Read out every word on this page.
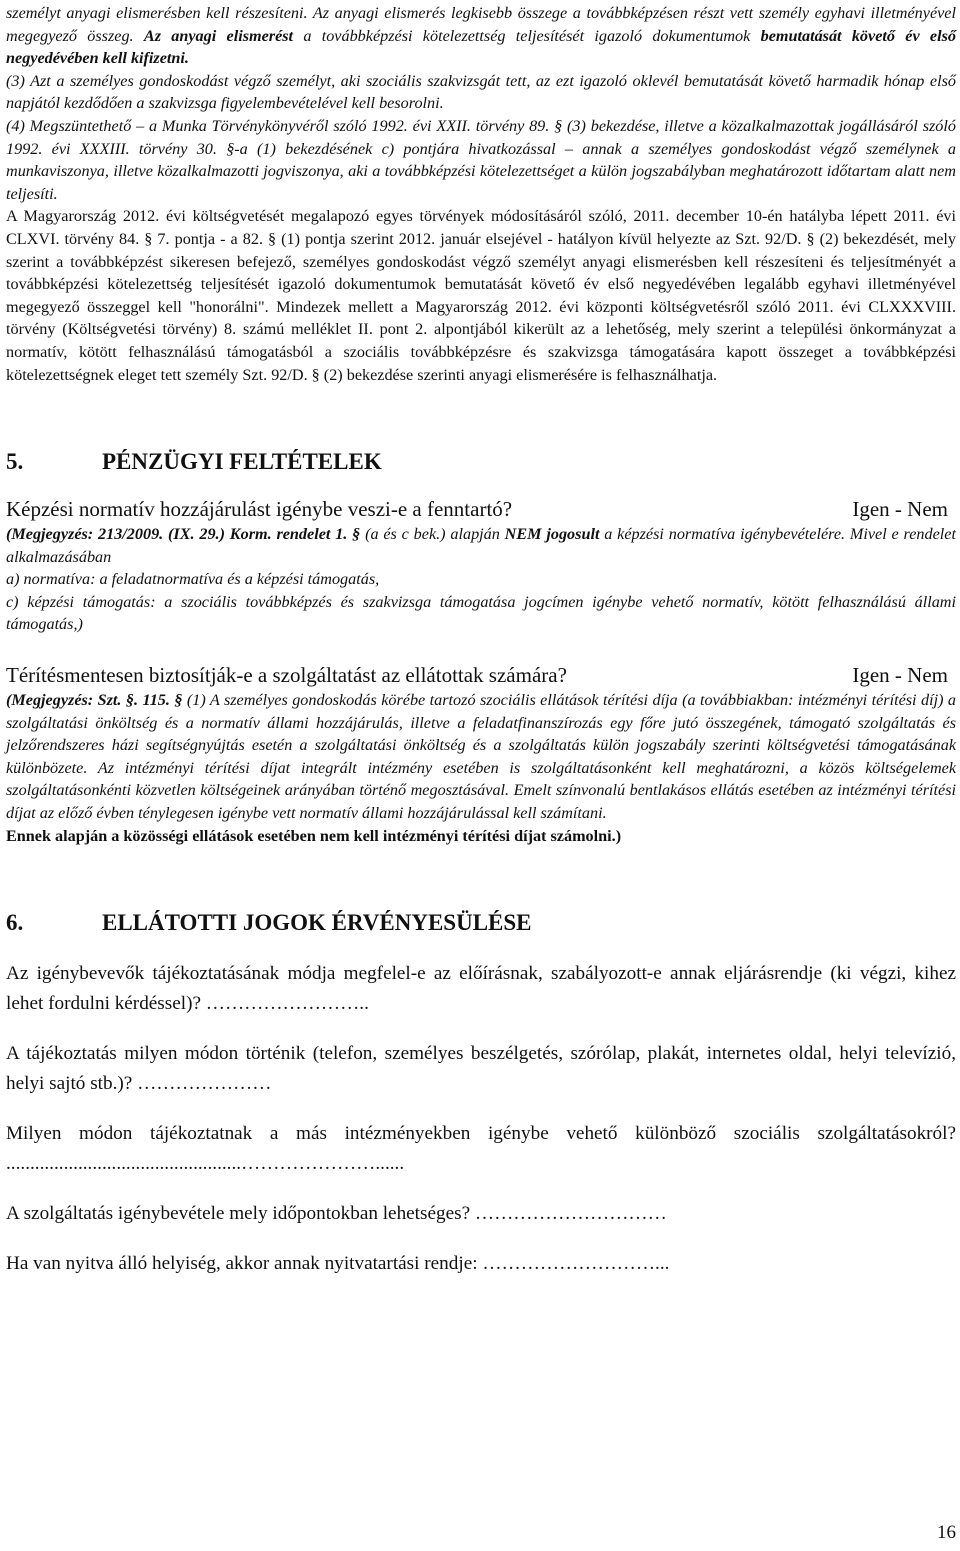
személyt anyagi elismerésben kell részesíteni. Az anyagi elismerés legkisebb összege a továbbképzésen részt vett személy egyhavi illetményével megegyező összeg. Az anyagi elismerést a továbbképzési kötelezettség teljesítését igazoló dokumentumok bemutatását követő év első negyedévében kell kifizetni.

(3) Azt a személyes gondoskodást végző személyt, aki szociális szakvizsgát tett, az ezt igazoló oklevél bemutatását követő harmadik hónap első napjától kezdődően a szakvizsga figyelembevételével kell besorolni.

(4) Megszüntethető – a Munka Törvénykönyvéről szóló 1992. évi XXII. törvény 89. § (3) bekezdése, illetve a közalkalmazottak jogállásáról szóló 1992. évi XXXIII. törvény 30. §-a (1) bekezdésének c) pontjára hivatkozással – annak a személyes gondoskodást végző személynek a munkaviszonya, illetve közalkalmazotti jogviszonya, aki a továbbképzési kötelezettséget a külön jogszabályban meghatározott időtartam alatt nem teljesíti.

A Magyarország 2012. évi költségvetését megalapozó egyes törvények módosításáról szóló, 2011. december 10-én hatályba lépett 2011. évi CLXVI. törvény 84. § 7. pontja - a 82. § (1) pontja szerint 2012. január elsejével - hatályon kívül helyezte az Szt. 92/D. § (2) bekezdését, mely szerint a továbbképzést sikeresen befejező, személyes gondoskodást végző személyt anyagi elismerésben kell részesíteni és teljesítményét a továbbképzési kötelezettség teljesítését igazoló dokumentumok bemutatását követő év első negyedévében legalább egyhavi illetményével megegyező összeggel kell "honorálni". Mindezek mellett a Magyarország 2012. évi központi költségvetésről szóló 2011. évi CLXXXVIII. törvény (Költségvetési törvény) 8. számú melléklet II. pont 2. alpontjából kikerült az a lehetőség, mely szerint a települési önkormányzat a normatív, kötött felhasználású támogatásból a szociális továbbképzésre és szakvizsga támogatására kapott összeget a továbbképzési kötelezettségnek eleget tett személy Szt. 92/D. § (2) bekezdése szerinti anyagi elismerésére is felhasználhatja.

5.	PÉNZÜGYI FELTÉTELEK

Képzési normatív hozzájárulást igénybe veszi-e a fenntartó?	Igen - Nem

(Megjegyzés: 213/2009. (IX. 29.) Korm. rendelet 1. § (a és c bek.) alapján NEM jogosult a képzési normatíva igénybevételére. Mivel e rendelet alkalmazásában

a) normatíva: a feladatnormatíva és a képzési támogatás,

c) képzési támogatás: a szociális továbbképzés és szakvizsga támogatása jogcímen igénybe vehető normatív, kötött felhasználású állami támogatás,)

Térítésmentesen biztosítják-e a szolgáltatást az ellátottak számára?	Igen - Nem

(Megjegyzés: Szt. §. 115. § (1) A személyes gondoskodás körébe tartozó szociális ellátások térítési díja (a továbbiakban: intézményi térítési díj) a szolgáltatási önköltség és a normatív állami hozzájárulás, illetve a feladatfinanszírozás egy főre jutó összegének, támogató szolgáltatás és jelzőrendszeres házi segítségnyújtás esetén a szolgáltatási önköltség és a szolgáltatás külön jogszabály szerinti költségvetési támogatásának különbözete. Az intézményi térítési díjat integrált intézmény esetében is szolgáltatásonként kell meghatározni, a közös költségelemek szolgáltatásonkénti közvetlen költségeinek arányában történő megosztásával. Emelt színvonalú bentlakásos ellátás esetében az intézményi térítési díjat az előző évben ténylegesen igénybe vett normatív állami hozzájárulással kell számítani.

Ennek alapján a közösségi ellátások esetében nem kell intézményi térítési díjat számolni.)

6.	ELLÁTOTTI JOGOK ÉRVÉNYESÜLÉSE

Az igénybevevők tájékoztatásának módja megfelel-e az előírásnak, szabályozott-e annak eljárásrendje (ki végzi, kihez lehet fordulni kérdéssel)? ……………………..

A tájékoztatás milyen módon történik (telefon, személyes beszélgetés, szórólap, plakát, internetes oldal, helyi televízió, helyi sajtó stb.)? …………………

Milyen módon tájékoztatnak a más intézményekben igénybe vehető különböző szociális szolgáltatásokról? .................................................…………………......

A szolgáltatás igénybevétele mely időpontokban lehetséges? …………………………

Ha van nyitva álló helyiség, akkor annak nyitvatartási rendje: ………………………...

16
